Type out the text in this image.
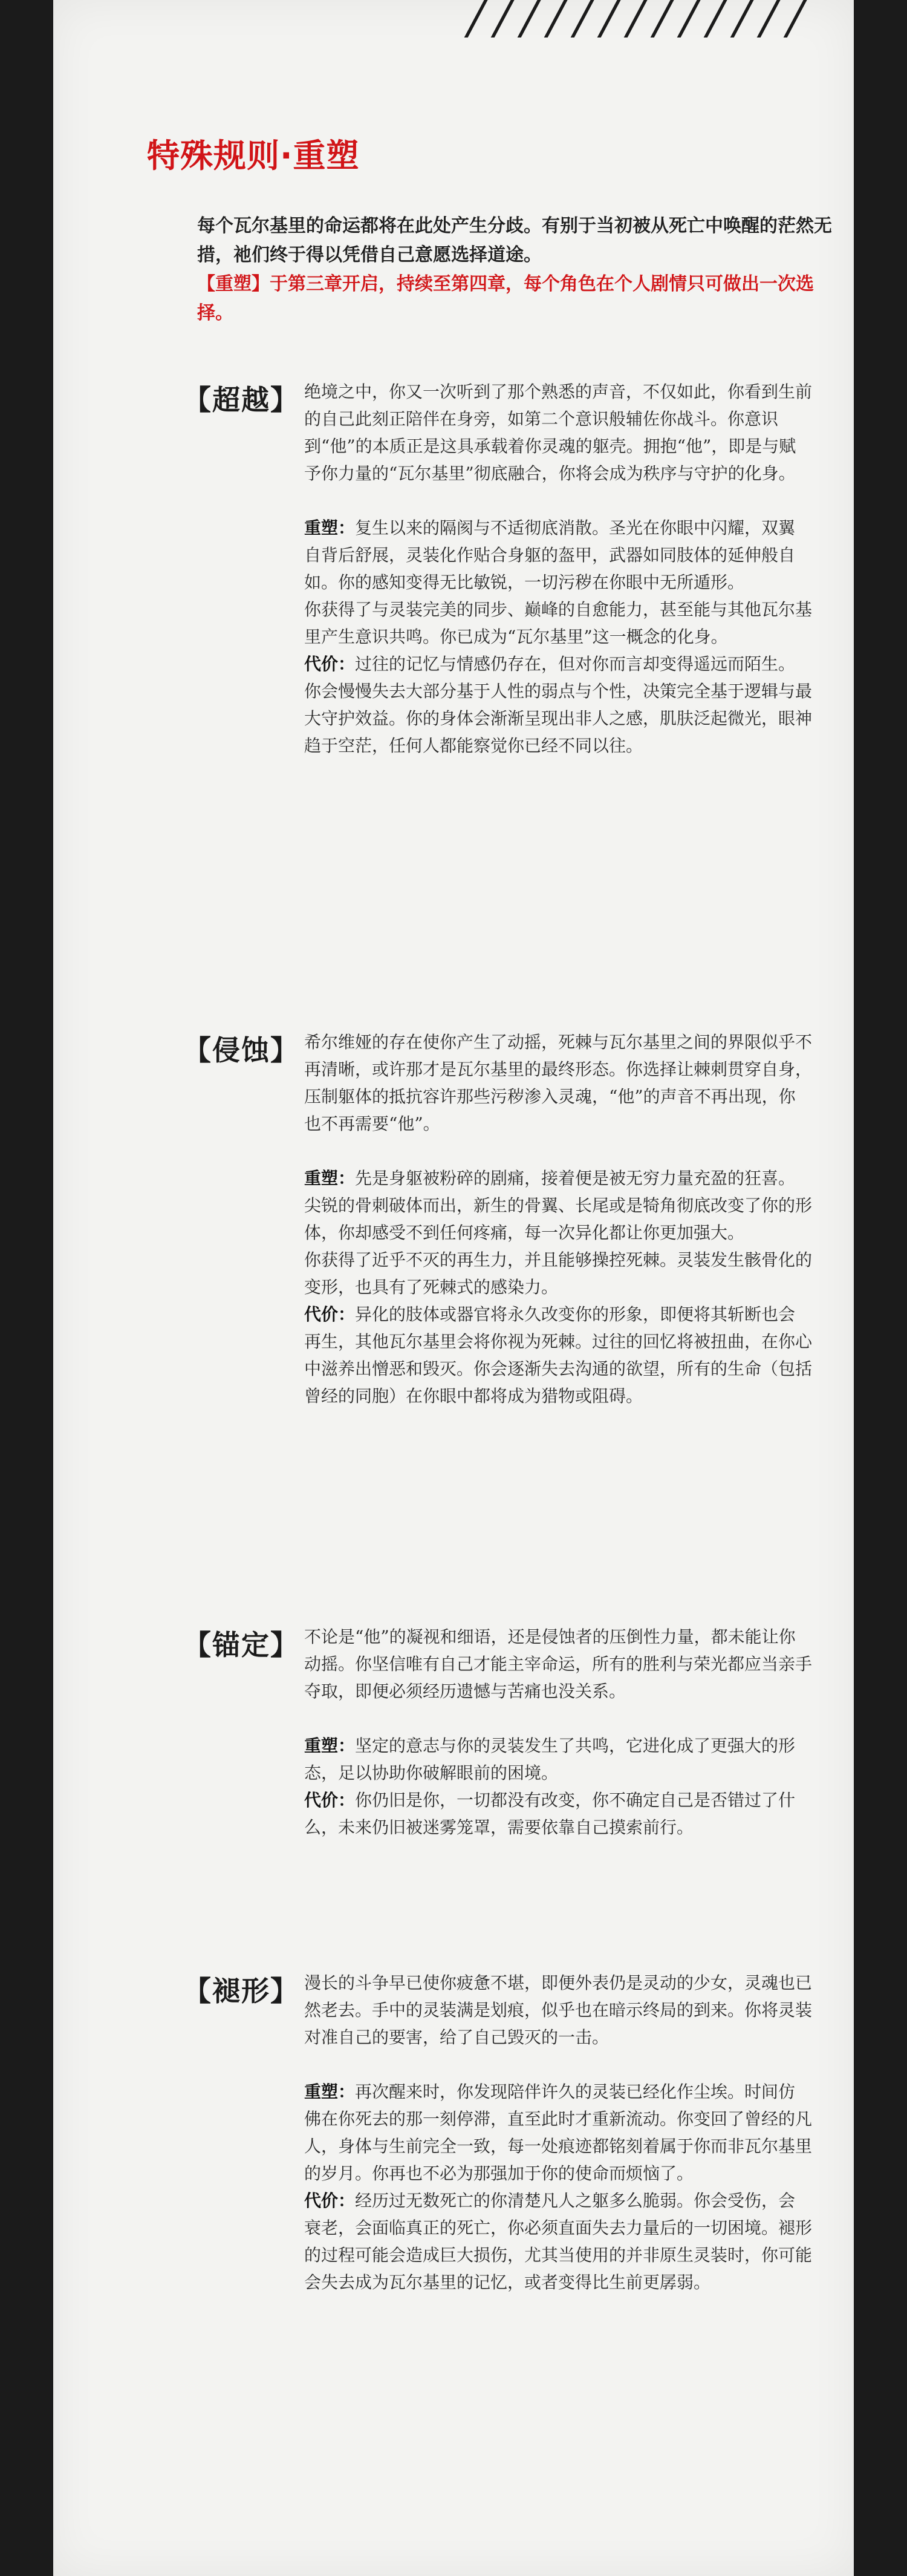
特殊规则·重塑
每个瓦尔基里的命运都将在此处产生分歧。有别于当初被从死亡中唤醒的茫然无措，祂们终于得以凭借自己意愿选择道途。
【重塑】于第三章开启，持续至第四章，每个角色在个人剧情只可做出一次选择。
【超越】 绝境之中，你又一次听到了那个熟悉的声音，不仅如此，你看到生前的自己此刻正陪伴在身旁，如第二个意识般辅佐你战斗。你意识到“他”的本质正是这具承载着你灵魂的躯壳。拥抱“他”，即是与赋予你力量的“瓦尔基里”彻底融合，你将会成为秩序与守护的化身。

重塑：复生以来的隔阂与不适彻底消散。圣光在你眼中闪耀，双翼自背后舒展，灵装化作贴合身躯的盔甲，武器如同肢体的延伸般自如。你的感知变得无比敏锐，一切污秽在你眼中无所遁形。

你获得了与灵装完美的同步、巅峰的自愈能力，甚至能与其他瓦尔基里产生意识共鸣。你已成为“瓦尔基里”这一概念的化身。

代价：过往的记忆与情感仍存在，但对你而言却变得遥远而陌生。你会慢慢失去大部分基于人性的弱点与个性，决策完全基于逻辑与最大守护效益。你的身体会渐渐呈现出非人之感，肌肤泛起微光，眼神趋于空茫，任何人都能察觉你已经不同以往。

【侵蚀】 希尔维娅的存在使你产生了动摇，死棘与瓦尔基里之间的界限似乎不再清晰，或许那才是瓦尔基里的最终形态。你选择让棘刺贯穿自身，压制躯体的抵抗容许那些污秽渗入灵魂，“他”的声音不再出现，你也不再需要“他”。

重塑：先是身躯被粉碎的剧痛，接着便是被无穷力量充盈的狂喜。尖锐的骨刺破体而出，新生的骨翼、长尾或是犄角彻底改变了你的形体，你却感受不到任何疼痛，每一次异化都让你更加强大。

你获得了近乎不灭的再生力，并且能够操控死棘。灵装发生骸骨化的变形，也具有了死棘式的感染力。

代价：异化的肢体或器官将永久改变你的形象，即便将其斩断也会再生，其他瓦尔基里会将你视为死棘。过往的回忆将被扭曲，在你心中滋养出憎恶和毁灭。你会逐渐失去沟通的欲望，所有的生命（包括曾经的同胞）在你眼中都将成为猎物或阻碍。

【锚定】 不论是“他”的凝视和细语，还是侵蚀者的压倒性力量，都未能让你动摇。你坚信唯有自己才能主宰命运，所有的胜利与荣光都应当亲手夺取，即便必须经历遗憾与苦痛也没关系。

重塑：坚定的意志与你的灵装发生了共鸣，它进化成了更强大的形态，足以协助你破解眼前的困境。

代价：你仍旧是你，一切都没有改变，你不确定自己是否错过了什么，未来仍旧被迷雾笼罩，需要依靠自己摸索前行。

【褪形】 漫长的斗争早已使你疲惫不堪，即便外表仍是灵动的少女，灵魂也已然老去。手中的灵装满是划痕，似乎也在暗示终局的到来。你将灵装对准自己的要害，给了自己毁灭的一击。

重塑：再次醒来时，你发现陪伴许久的灵装已经化作尘埃。时间仿佛在你死去的那一刻停滞，直至此时才重新流动。你变回了曾经的凡人，身体与生前完全一致，每一处痕迹都铭刻着属于你而非瓦尔基里的岁月。你再也不必为那强加于你的使命而烦恼了。

代价：经历过无数死亡的你清楚凡人之躯多么脆弱。你会受伤，会衰老，会面临真正的死亡，你必须直面失去力量后的一切困境。褪形的过程可能会造成巨大损伤，尤其当使用的并非原生灵装时，你可能会失去成为瓦尔基里的记忆，或者变得比生前更孱弱。
